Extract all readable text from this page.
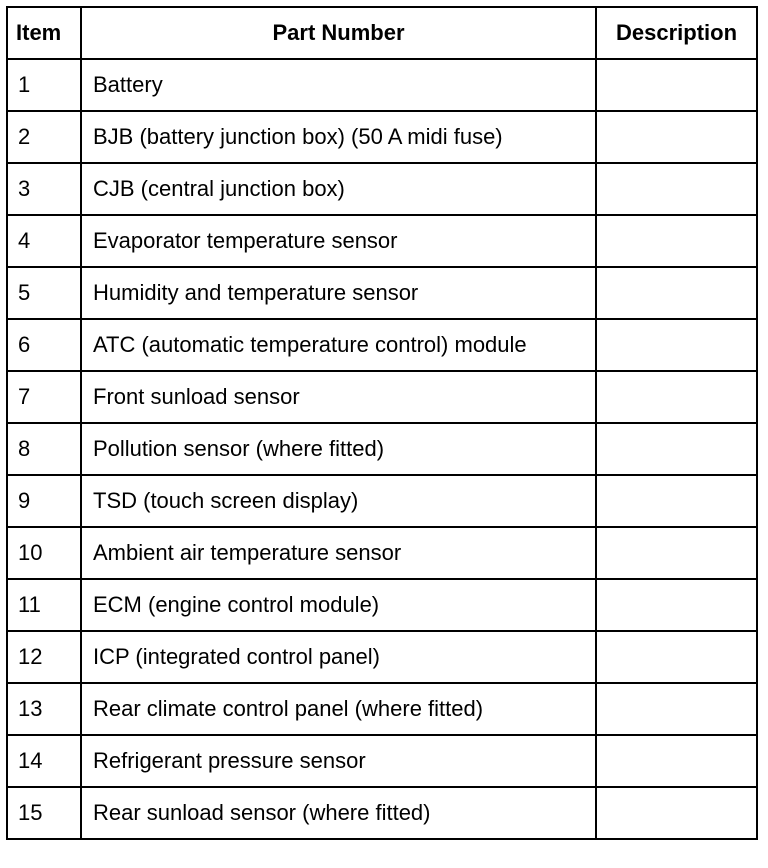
Item	Part Number	Description
1	Battery	
2	BJB (battery junction box) (50 A midi fuse)	
3	CJB (central junction box)	
4	Evaporator temperature sensor	
5	Humidity and temperature sensor	
6	ATC (automatic temperature control) module	
7	Front sunload sensor	
8	Pollution sensor (where fitted)	
9	TSD (touch screen display)	
10	Ambient air temperature sensor	
11	ECM (engine control module)	
12	ICP (integrated control panel)	
13	Rear climate control panel (where fitted)	
14	Refrigerant pressure sensor	
15	Rear sunload sensor (where fitted)	
